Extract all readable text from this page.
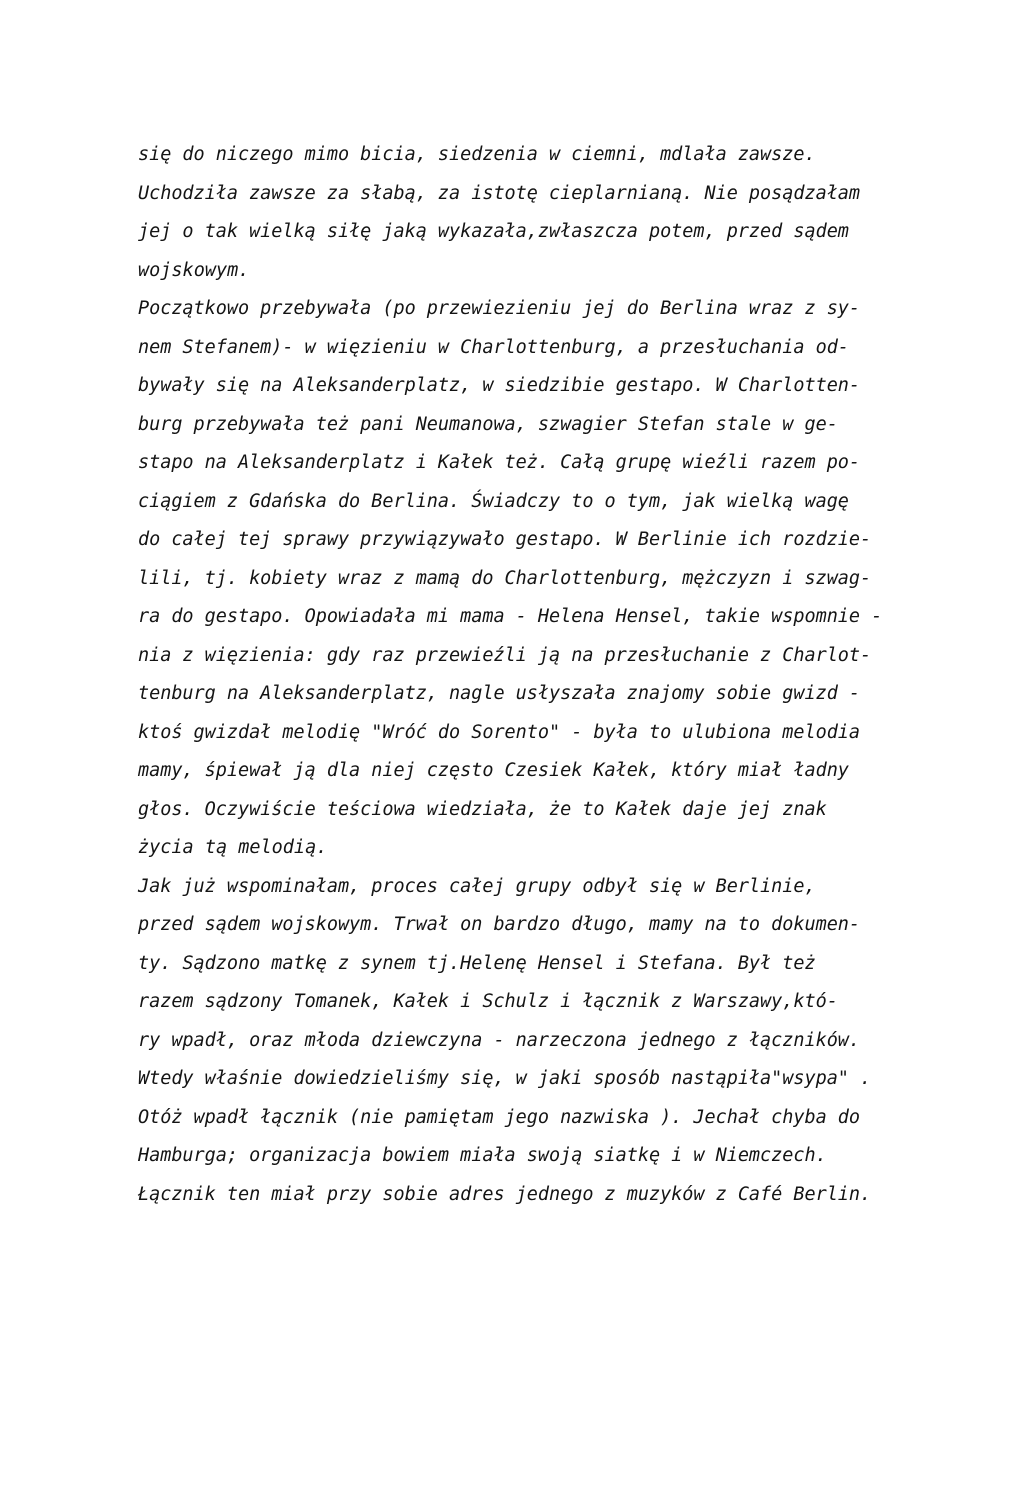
się do niczego mimo bicia, siedzenia w ciemni, mdlała zawsze.
Uchodziła zawsze za słabą, za istotę cieplarnianą. Nie posądzałam
jej o tak wielką siłę jaką wykazała,zwłaszcza potem, przed sądem
wojskowym.
Początkowo przebywała (po przewiezieniu jej do Berlina wraz z sy-
nem Stefanem)- w więzieniu w Charlottenburg, a przesłuchania od-
bywały się na Aleksanderplatz, w siedzibie gestapo. W Charlotten-
burg przebywała też pani Neumanowa, szwagier Stefan stale w ge-
stapo na Aleksanderplatz i Kałek też. Całą grupę wieźli razem po-
ciągiem z Gdańska do Berlina. Świadczy to o tym, jak wielką wagę
do całej tej sprawy przywiązywało gestapo. W Berlinie ich rozdzie-
lili, tj. kobiety wraz z mamą do Charlottenburg, mężczyzn i szwag-
ra do gestapo. Opowiadała mi mama - Helena Hensel, takie wspomnie -
nia z więzienia: gdy raz przewieźli ją na przesłuchanie z Charlot-
tenburg na Aleksanderplatz, nagle usłyszała znajomy sobie gwizd -
ktoś gwizdał melodię "Wróć do Sorento" - była to ulubiona melodia
mamy, śpiewał ją dla niej często Czesiek Kałek, który miał ładny
głos. Oczywiście teściowa wiedziała, że to Kałek daje jej znak
życia tą melodią.
Jak już wspominałam, proces całej grupy odbył się w Berlinie,
przed sądem wojskowym. Trwał on bardzo długo, mamy na to dokumen-
ty. Sądzono matkę z synem tj.Helenę Hensel i Stefana. Był też
razem sądzony Tomanek, Kałek i Schulz i łącznik z Warszawy,któ-
ry wpadł, oraz młoda dziewczyna - narzeczona jednego z łączników.
Wtedy właśnie dowiedzieliśmy się, w jaki sposób nastąpiła"wsypa" .
Otóż wpadł łącznik (nie pamiętam jego nazwiska ). Jechał chyba do
Hamburga; organizacja bowiem miała swoją siatkę i w Niemczech.
Łącznik ten miał przy sobie adres jednego z muzyków z Café Berlin.
